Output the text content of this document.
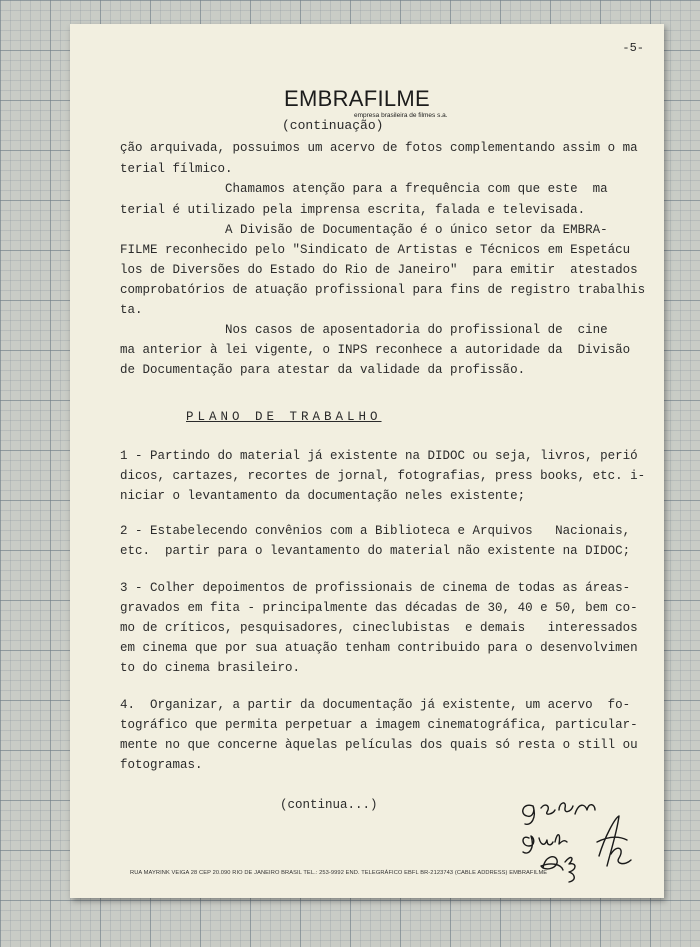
-5-
EMBRAFILME
empresa brasileira de filmes s.a.
(continuação)
ção arquivada, possuimos um acervo de fotos complementando assim o ma
terial fílmico.
Chamamos atenção para a frequência com que este  ma
terial é utilizado pela imprensa escrita, falada e televisada.
A Divisão de Documentação é o único setor da EMBRA-
FILME reconhecido pelo "Sindicato de Artistas e Técnicos em Espetácu
los de Diversões do Estado do Rio de Janeiro"  para emitir  atestados
comprobatórios de atuação profissional para fins de registro trabalhis
ta.
Nos casos de aposentadoria do profissional de  cine
ma anterior à lei vigente, o INPS reconhece a autoridade da  Divisão
de Documentação para atestar da validade da profissão.
PLANO DE TRABALHO
1 - Partindo do material já existente na DIDOC ou seja, livros, perió
dicos, cartazes, recortes de jornal, fotografias, press books, etc. i-
niciar o levantamento da documentação neles existente;
2 - Estabelecendo convênios com a Biblioteca e Arquivos   Nacionais,
etc.  partir para o levantamento do material não existente na DIDOC;
3 - Colher depoimentos de profissionais de cinema de todas as áreas-
gravados em fita - principalmente das décadas de 30, 40 e 50, bem co-
mo de críticos, pesquisadores, cineclubistas  e demais   interessados
em cinema que por sua atuação tenham contribuido para o desenvolvimen
to do cinema brasileiro.
4.  Organizar, a partir da documentação já existente, um acervo  fo-
tográfico que permita perpetuar a imagem cinematográfica, particular-
mente no que concerne àquelas películas dos quais só resta o still ou
fotogramas.
(continua...)
RUA MAYRINK VEIGA 28 CEP 20.090 RIO DE JANEIRO BRASIL TEL.: 253-9992 END. TELEGRÁFICO EBFL BR-2123743 (CABLE ADDRESS) EMBRAFILME
